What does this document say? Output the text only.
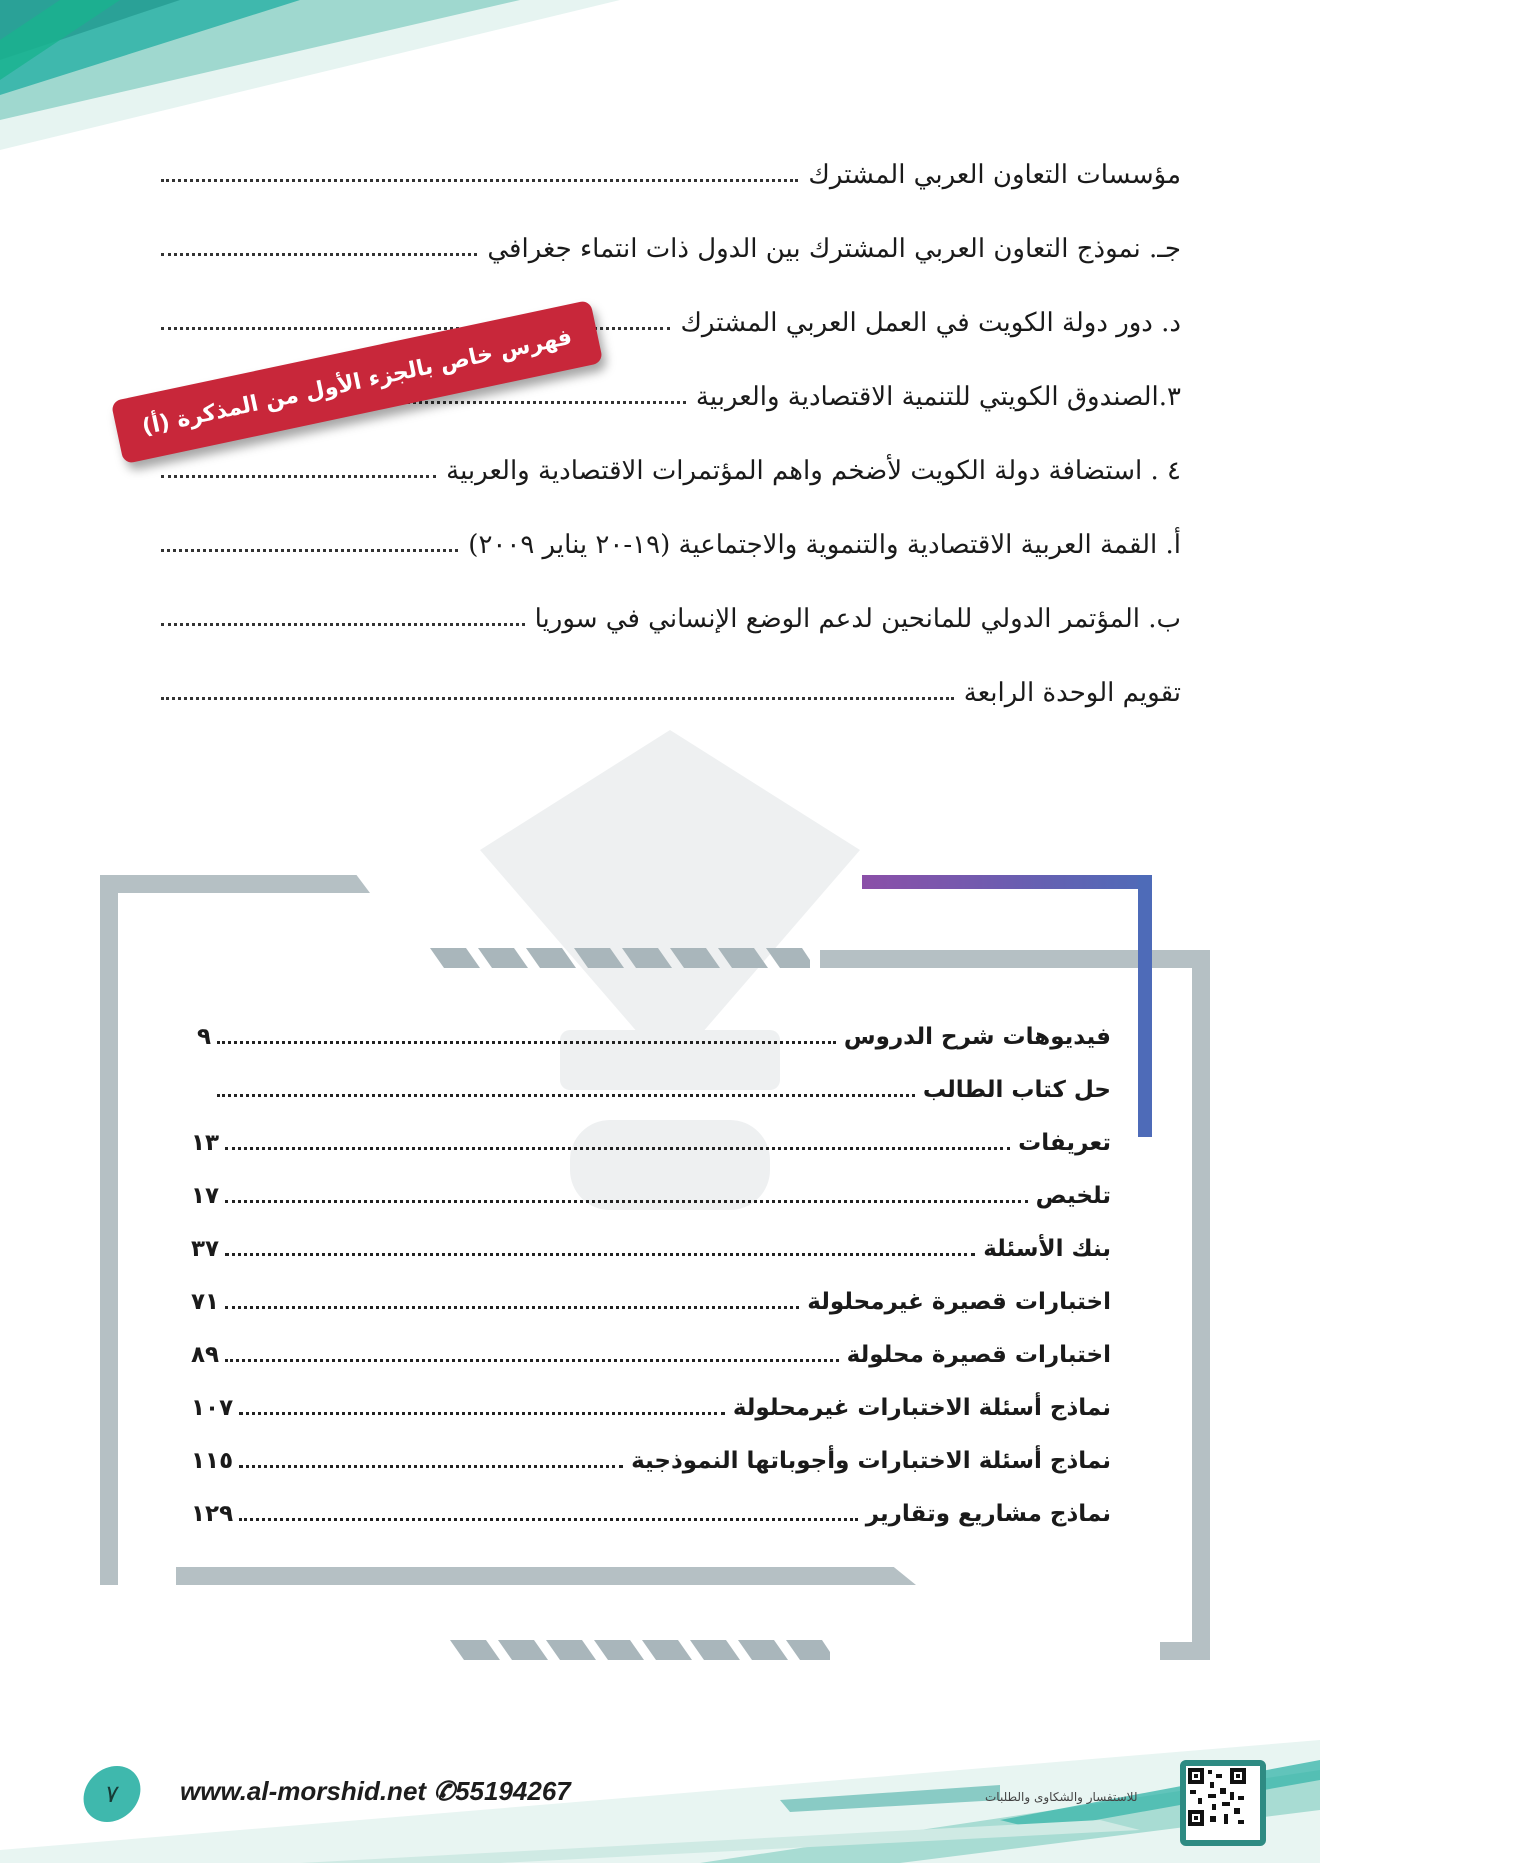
مؤسسات التعاون العربي المشترك
جـ. نموذج التعاون العربي المشترك بين الدول ذات انتماء جغرافي
د. دور دولة الكويت في العمل العربي المشترك
٣.الصندوق الكويتي للتنمية الاقتصادية والعربية
٤ . استضافة دولة الكويت لأضخم واهم المؤتمرات الاقتصادية والعربية
أ. القمة العربية الاقتصادية والتنموية والاجتماعية (١٩-٢٠ يناير ٢٠٠٩)
ب. المؤتمر الدولي للمانحين لدعم الوضع الإنساني في سوريا
تقويم الوحدة الرابعة
فهرس خاص بالجزء الأول من المذكرة (أ)
فيديوهات شرح الدروس
٩
حل كتاب الطالب
تعريفات
١٣
تلخيص
١٧
بنك الأسئلة
٣٧
اختبارات قصيرة غيرمحلولة
٧١
اختبارات قصيرة محلولة
٨٩
نماذج أسئلة الاختبارات غيرمحلولة
١٠٧
نماذج أسئلة الاختبارات وأجوباتها النموذجية
١١٥
نماذج مشاريع وتقارير
١٢٩
٧	www.al-morshid.net ✆55194267	للاستفسار والشكاوى والطلبات
